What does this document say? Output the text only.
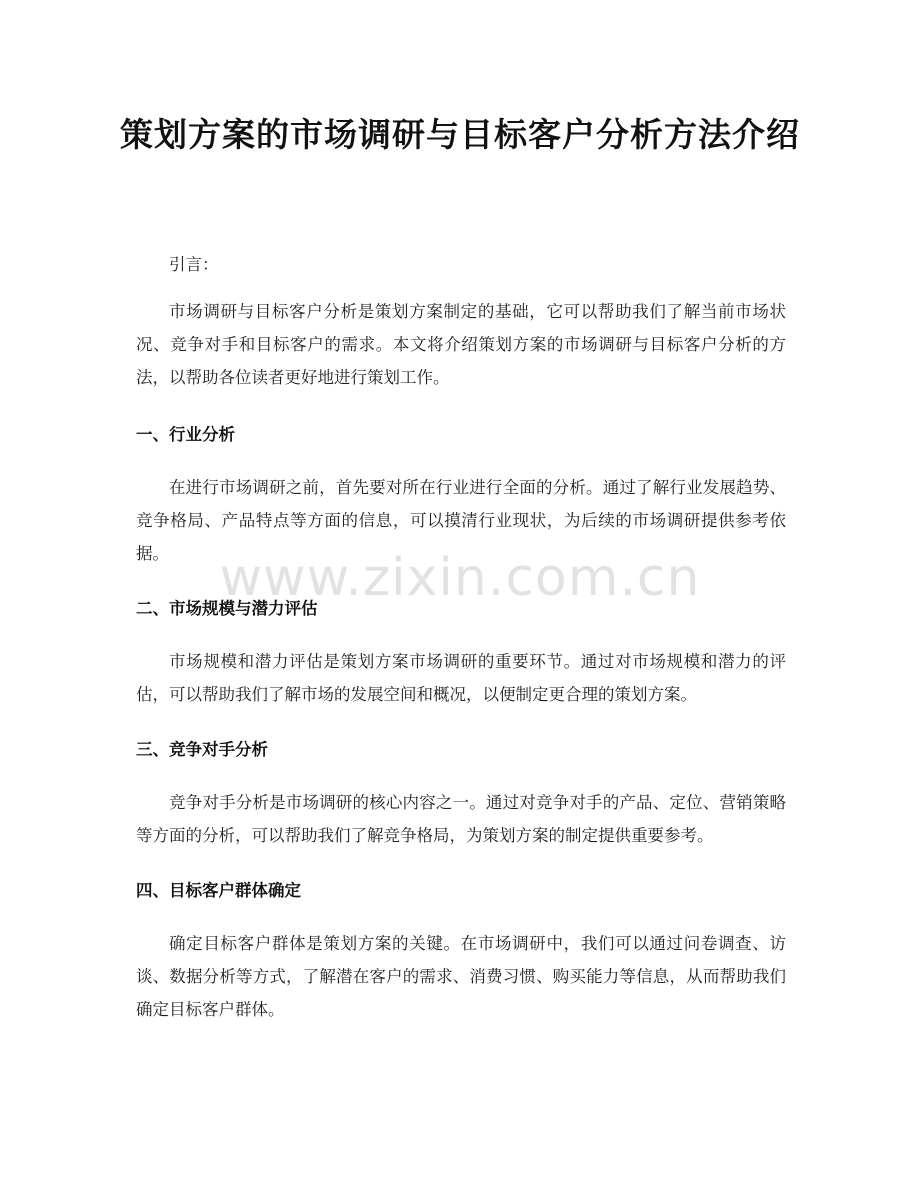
策划方案的市场调研与目标客户分析方法介绍

引言：

市场调研与目标客户分析是策划方案制定的基础，它可以帮助我们了解当前市场状况、竞争对手和目标客户的需求。本文将介绍策划方案的市场调研与目标客户分析的方法，以帮助各位读者更好地进行策划工作。

一、行业分析

在进行市场调研之前，首先要对所在行业进行全面的分析。通过了解行业发展趋势、竞争格局、产品特点等方面的信息，可以摸清行业现状，为后续的市场调研提供参考依据。

二、市场规模与潜力评估

市场规模和潜力评估是策划方案市场调研的重要环节。通过对市场规模和潜力的评估，可以帮助我们了解市场的发展空间和概况，以便制定更合理的策划方案。

三、竞争对手分析

竞争对手分析是市场调研的核心内容之一。通过对竞争对手的产品、定位、营销策略等方面的分析，可以帮助我们了解竞争格局，为策划方案的制定提供重要参考。

四、目标客户群体确定

确定目标客户群体是策划方案的关键。在市场调研中，我们可以通过问卷调查、访谈、数据分析等方式，了解潜在客户的需求、消费习惯、购买能力等信息，从而帮助我们确定目标客户群体。

www.zixin.com.cn
